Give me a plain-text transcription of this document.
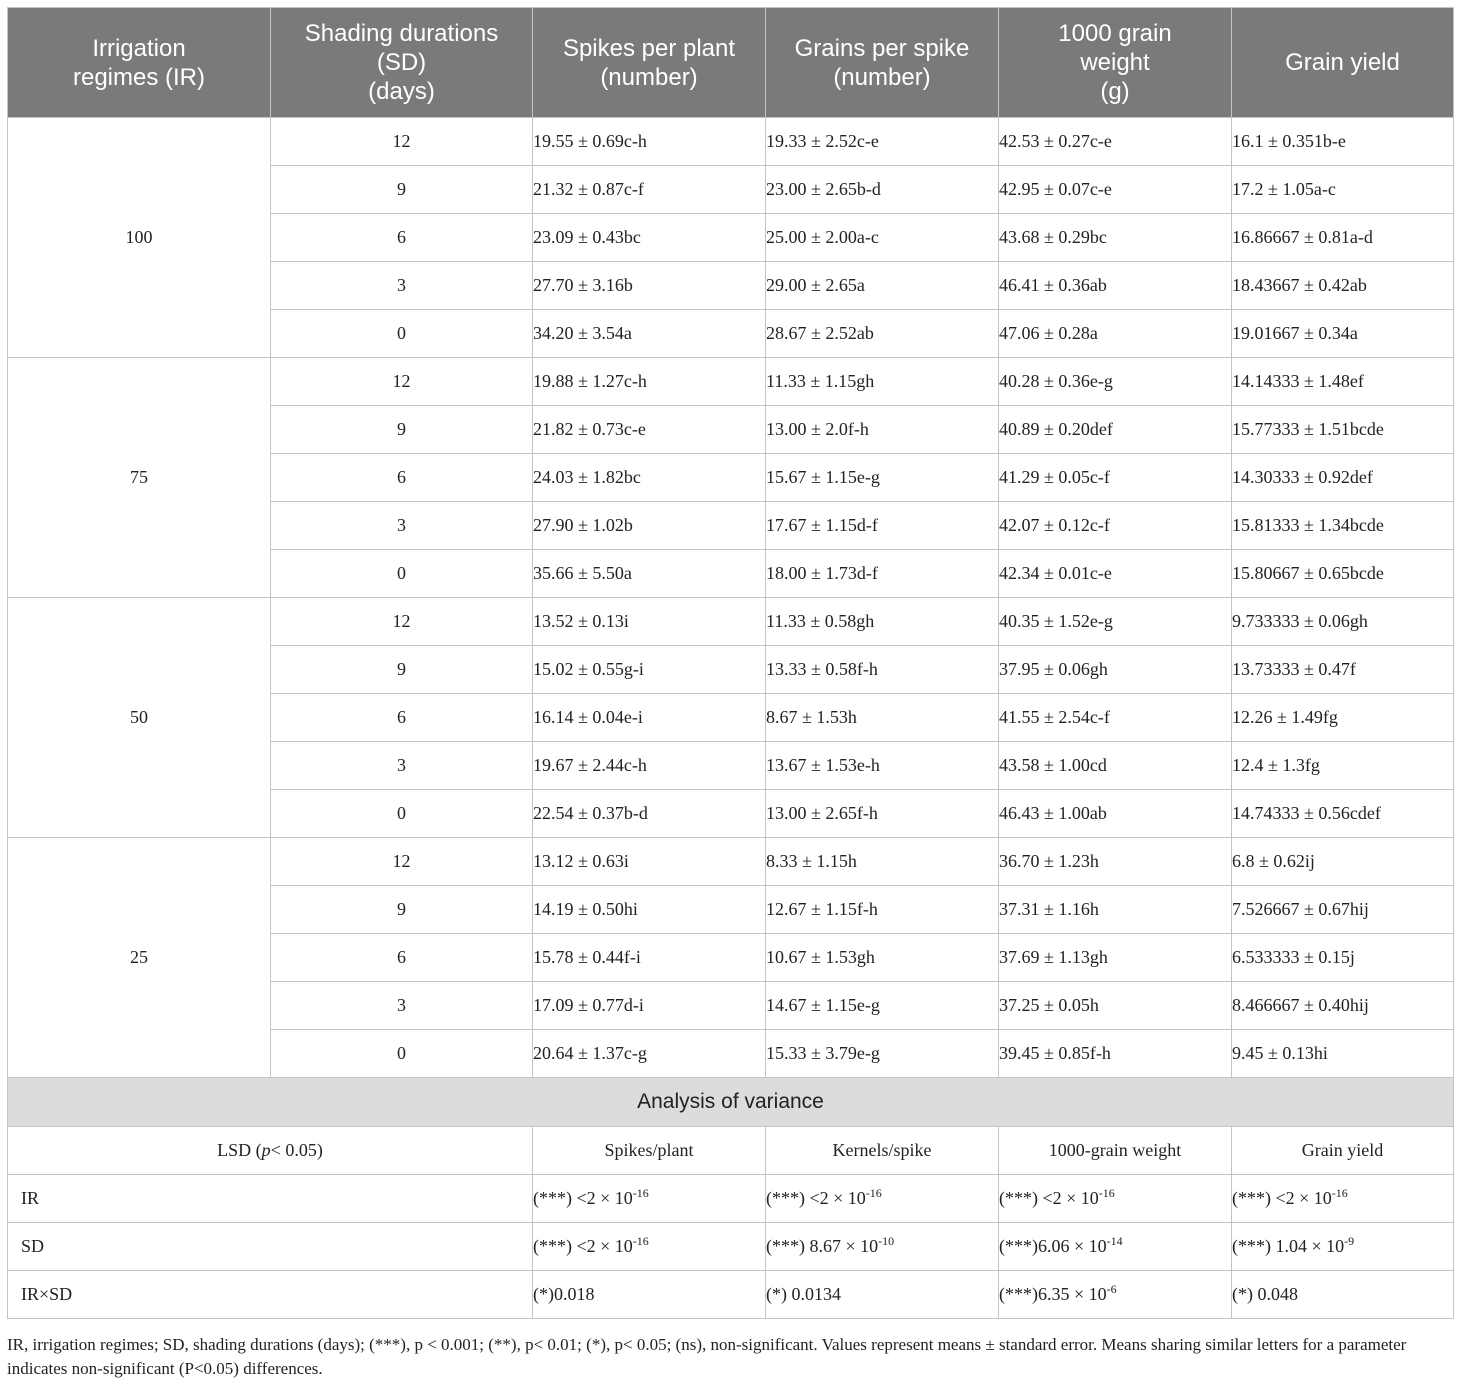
Irrigation
regimes (IR)	Shading durations
(SD)
(days)	Spikes per plant
(number)	Grains per spike
(number)	1000 grain
weight
(g)	Grain yield
100	12	19.55 ± 0.69c-h	19.33 ± 2.52c-e	42.53 ± 0.27c-e	16.1 ± 0.351b-e
	9	21.32 ± 0.87c-f	23.00 ± 2.65b-d	42.95 ± 0.07c-e	17.2 ± 1.05a-c
	6	23.09 ± 0.43bc	25.00 ± 2.00a-c	43.68 ± 0.29bc	16.86667 ± 0.81a-d
	3	27.70 ± 3.16b	29.00 ± 2.65a	46.41 ± 0.36ab	18.43667 ± 0.42ab
	0	34.20 ± 3.54a	28.67 ± 2.52ab	47.06 ± 0.28a	19.01667 ± 0.34a
75	12	19.88 ± 1.27c-h	11.33 ± 1.15gh	40.28 ± 0.36e-g	14.14333 ± 1.48ef
	9	21.82 ± 0.73c-e	13.00 ± 2.0f-h	40.89 ± 0.20def	15.77333 ± 1.51bcde
	6	24.03 ± 1.82bc	15.67 ± 1.15e-g	41.29 ± 0.05c-f	14.30333 ± 0.92def
	3	27.90 ± 1.02b	17.67 ± 1.15d-f	42.07 ± 0.12c-f	15.81333 ± 1.34bcde
	0	35.66 ± 5.50a	18.00 ± 1.73d-f	42.34 ± 0.01c-e	15.80667 ± 0.65bcde
50	12	13.52 ± 0.13i	11.33 ± 0.58gh	40.35 ± 1.52e-g	9.733333 ± 0.06gh
	9	15.02 ± 0.55g-i	13.33 ± 0.58f-h	37.95 ± 0.06gh	13.73333 ± 0.47f
	6	16.14 ± 0.04e-i	8.67 ± 1.53h	41.55 ± 2.54c-f	12.26 ± 1.49fg
	3	19.67 ± 2.44c-h	13.67 ± 1.53e-h	43.58 ± 1.00cd	12.4 ± 1.3fg
	0	22.54 ± 0.37b-d	13.00 ± 2.65f-h	46.43 ± 1.00ab	14.74333 ± 0.56cdef
25	12	13.12 ± 0.63i	8.33 ± 1.15h	36.70 ± 1.23h	6.8 ± 0.62ij
	9	14.19 ± 0.50hi	12.67 ± 1.15f-h	37.31 ± 1.16h	7.526667 ± 0.67hij
	6	15.78 ± 0.44f-i	10.67 ± 1.53gh	37.69 ± 1.13gh	6.533333 ± 0.15j
	3	17.09 ± 0.77d-i	14.67 ± 1.15e-g	37.25 ± 0.05h	8.466667 ± 0.40hij
	0	20.64 ± 1.37c-g	15.33 ± 3.79e-g	39.45 ± 0.85f-h	9.45 ± 0.13hi
Analysis of variance					
LSD (p< 0.05)		Spikes/plant	Kernels/spike	1000-grain weight	Grain yield
IR		(***) $<2 \times 10^{-16}$	(***) $<2 \times 10^{-16}$	(***) $<2 \times 10^{-16}$	(***) $<2 \times 10^{-16}$
SD		(***) $<2 \times 10^{-16}$	(***) $8.67 \times 10^{-10}$	$(***)6.06 \times 10^{-14}$	(***) $1.04 \times 10^{-9}$
IR×SD		(*)0.018	(*) 0.0134	$(***)6.35 \times 10^{-6}$	(*) 0.048
IR, irrigation regimes; SD, shading durations (days); (***), p < 0.001; (**), p< 0.01; (*), p< 0.05; (ns), non-significant. Values represent means ± standard error. Means sharing similar letters for a parameter indicates non-significant (P<0.05) differences.
